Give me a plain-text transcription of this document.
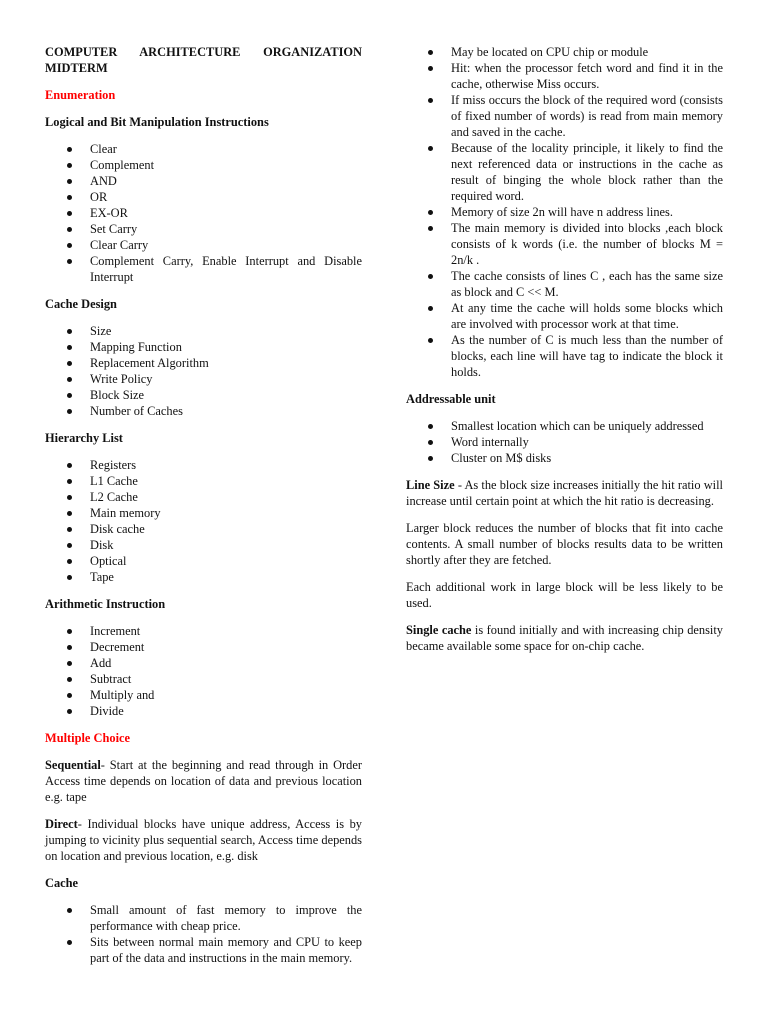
COMPUTER ARCHITECTURE ORGANIZATION MIDTERM

Enumeration

Logical and Bit Manipulation Instructions

Clear
Complement
AND
OR
EX-OR
Set Carry
Clear Carry
Complement Carry, Enable Interrupt and Disable Interrupt

Cache Design

Size
Mapping Function
Replacement Algorithm
Write Policy
Block Size
Number of Caches

Hierarchy List

Registers
L1 Cache
L2 Cache
Main memory
Disk cache
Disk
Optical
Tape

Arithmetic Instruction

Increment
Decrement
Add
Subtract
Multiply and
Divide

Multiple Choice

Sequential- Start at the beginning and read through in Order Access time depends on location of data and previous location e.g. tape

Direct- Individual blocks have unique address, Access is by jumping to vicinity plus sequential search, Access time depends on location and previous location, e.g. disk

Cache

Small amount of fast memory to improve the performance with cheap price.
Sits between normal main memory and CPU to keep part of the data and instructions in the main memory.
May be located on CPU chip or module
Hit: when the processor fetch word and find it in the cache, otherwise Miss occurs.
If miss occurs the block of the required word (consists of fixed number of words) is read from main memory and saved in the cache.
Because of the locality principle, it likely to find the next referenced data or instructions in the cache as result of binging the whole block rather than the required word.
Memory of size 2n will have n address lines.
The main memory is divided into blocks ,each block consists of k words (i.e. the number of blocks M = 2n/k .
The cache consists of lines C , each has the same size as block and C << M.
At any time the cache will holds some blocks which are involved with processor work at that time.
As the number of C is much less than the number of blocks, each line will have tag to indicate the block it holds.

Addressable unit

Smallest location which can be uniquely addressed
Word internally
Cluster on M$ disks

Line Size - As the block size increases initially the hit ratio will increase until certain point at which the hit ratio is decreasing.

Larger block reduces the number of blocks that fit into cache contents. A small number of blocks results data to be written shortly after they are fetched.

Each additional work in large block will be less likely to be used.

Single cache is found initially and with increasing chip density became available some space for on-chip cache.
